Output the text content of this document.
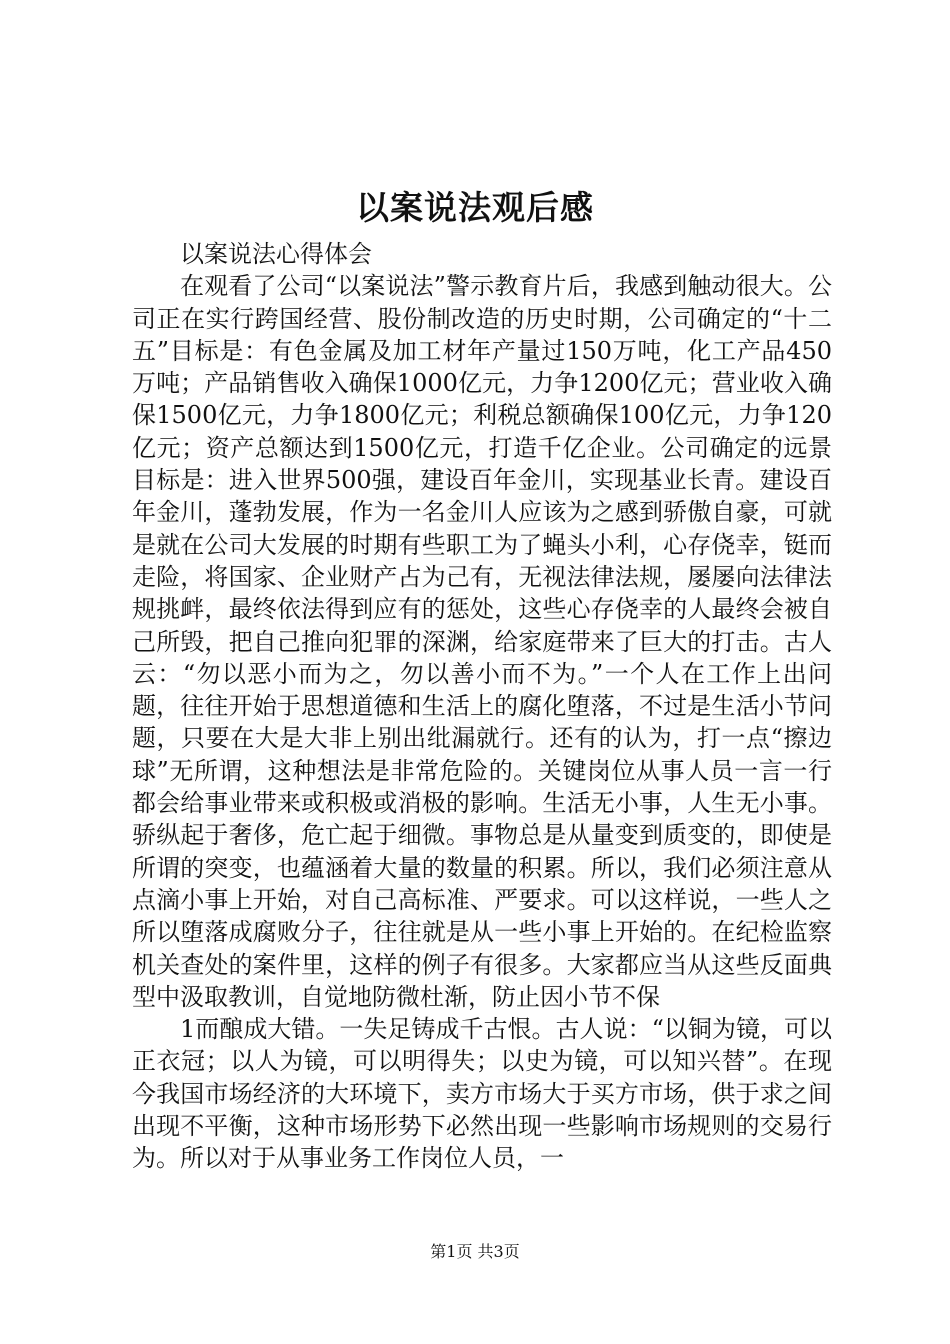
以案说法观后感

以案说法心得体会

在观看了公司“以案说法”警示教育片后，我感到触动很大。公司正在实行跨国经营、股份制改造的历史时期，公司确定的“十二五”目标是：有色金属及加工材年产量过150万吨，化工产品450万吨；产品销售收入确保1000亿元，力争1200亿元；营业收入确保1500亿元，力争1800亿元；利税总额确保100亿元，力争120亿元；资产总额达到1500亿元，打造千亿企业。公司确定的远景目标是：进入世界500强，建设百年金川，实现基业长青。建设百年金川，蓬勃发展，作为一名金川人应该为之感到骄傲自豪，可就是就在公司大发展的时期有些职工为了蝇头小利，心存侥幸，铤而走险，将国家、企业财产占为己有，无视法律法规，屡屡向法律法规挑衅，最终依法得到应有的惩处，这些心存侥幸的人最终会被自己所毁，把自己推向犯罪的深渊，给家庭带来了巨大的打击。古人云：“勿以恶小而为之，勿以善小而不为。”一个人在工作上出问题，往往开始于思想道德和生活上的腐化堕落，不过是生活小节问题，只要在大是大非上别出纰漏就行。还有的认为，打一点“擦边球”无所谓，这种想法是非常危险的。关键岗位从事人员一言一行都会给事业带来或积极或消极的影响。生活无小事，人生无小事。骄纵起于奢侈，危亡起于细微。事物总是从量变到质变的，即使是所谓的突变，也蕴涵着大量的数量的积累。所以，我们必须注意从点滴小事上开始，对自己高标准、严要求。可以这样说，一些人之所以堕落成腐败分子，往往就是从一些小事上开始的。在纪检监察机关查处的案件里，这样的例子有很多。大家都应当从这些反面典型中汲取教训，自觉地防微杜渐，防止因小节不保

1而酿成大错。一失足铸成千古恨。古人说：“以铜为镜，可以正衣冠；以人为镜，可以明得失；以史为镜，可以知兴替”。在现今我国市场经济的大环境下，卖方市场大于买方市场，供于求之间出现不平衡，这种市场形势下必然出现一些影响市场规则的交易行为。所以对于从事业务工作岗位人员，一

第1页 共3页
